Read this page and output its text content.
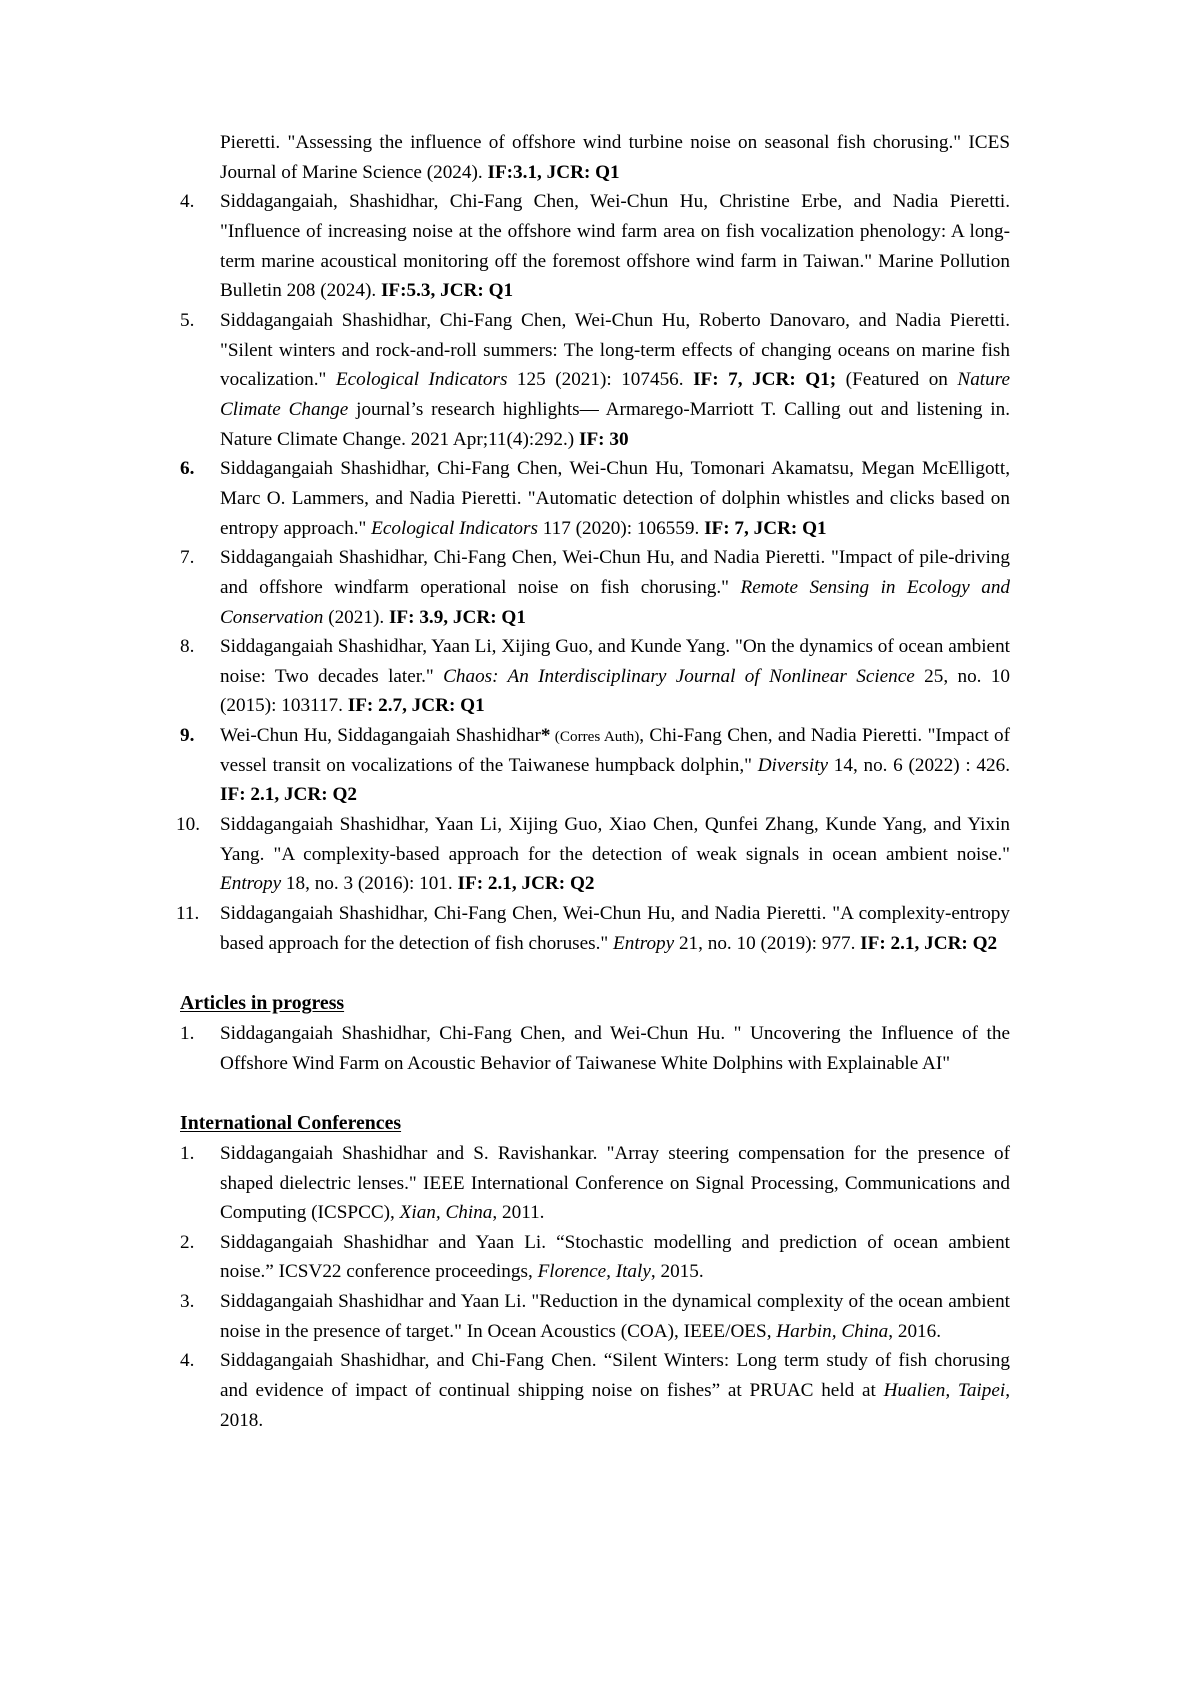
Pieretti. "Assessing the influence of offshore wind turbine noise on seasonal fish chorusing." ICES Journal of Marine Science (2024). IF:3.1, JCR: Q1

4.	Siddagangaiah, Shashidhar, Chi-Fang Chen, Wei-Chun Hu, Christine Erbe, and Nadia Pieretti. "Influence of increasing noise at the offshore wind farm area on fish vocalization phenology: A long-term marine acoustical monitoring off the foremost offshore wind farm in Taiwan." Marine Pollution Bulletin 208 (2024). IF:5.3, JCR: Q1
5.	Siddagangaiah Shashidhar, Chi-Fang Chen, Wei-Chun Hu, Roberto Danovaro, and Nadia Pieretti. "Silent winters and rock-and-roll summers: The long-term effects of changing oceans on marine fish vocalization." Ecological Indicators 125 (2021): 107456. IF: 7, JCR: Q1; (Featured on Nature Climate Change journal’s research highlights— Armarego-Marriott T. Calling out and listening in. Nature Climate Change. 2021 Apr;11(4):292.) IF: 30
6.	Siddagangaiah Shashidhar, Chi-Fang Chen, Wei-Chun Hu, Tomonari Akamatsu, Megan McElligott, Marc O. Lammers, and Nadia Pieretti. "Automatic detection of dolphin whistles and clicks based on entropy approach." Ecological Indicators 117 (2020): 106559. IF: 7, JCR: Q1
7.	Siddagangaiah Shashidhar, Chi-Fang Chen, Wei-Chun Hu, and Nadia Pieretti. "Impact of pile-driving and offshore windfarm operational noise on fish chorusing." Remote Sensing in Ecology and Conservation (2021). IF: 3.9, JCR: Q1
8.	Siddagangaiah Shashidhar, Yaan Li, Xijing Guo, and Kunde Yang. "On the dynamics of ocean ambient noise: Two decades later." Chaos: An Interdisciplinary Journal of Nonlinear Science 25, no. 10 (2015): 103117. IF: 2.7, JCR: Q1
9.	Wei-Chun Hu, Siddagangaiah Shashidhar* (Corres Auth), Chi-Fang Chen, and Nadia Pieretti. "Impact of vessel transit on vocalizations of the Taiwanese humpback dolphin," Diversity 14, no. 6 (2022) : 426. IF: 2.1, JCR: Q2
10.	Siddagangaiah Shashidhar, Yaan Li, Xijing Guo, Xiao Chen, Qunfei Zhang, Kunde Yang, and Yixin Yang. "A complexity-based approach for the detection of weak signals in ocean ambient noise." Entropy 18, no. 3 (2016): 101. IF: 2.1, JCR: Q2
11.	Siddagangaiah Shashidhar, Chi-Fang Chen, Wei-Chun Hu, and Nadia Pieretti. "A complexity-entropy based approach for the detection of fish choruses." Entropy 21, no. 10 (2019): 977. IF: 2.1, JCR: Q2
Articles in progress
1.	Siddagangaiah Shashidhar, Chi-Fang Chen, and Wei-Chun Hu. " Uncovering the Influence of the Offshore Wind Farm on Acoustic Behavior of Taiwanese White Dolphins with Explainable AI"
International Conferences
1.	Siddagangaiah Shashidhar and S. Ravishankar. "Array steering compensation for the presence of shaped dielectric lenses." IEEE International Conference on Signal Processing, Communications and Computing (ICSPCC), Xian, China, 2011.
2.	Siddagangaiah Shashidhar and Yaan Li. “Stochastic modelling and prediction of ocean ambient noise.” ICSV22 conference proceedings, Florence, Italy, 2015.
3.	Siddagangaiah Shashidhar and Yaan Li. "Reduction in the dynamical complexity of the ocean ambient noise in the presence of target." In Ocean Acoustics (COA), IEEE/OES, Harbin, China, 2016.
4.	Siddagangaiah Shashidhar, and Chi-Fang Chen. “Silent Winters: Long term study of fish chorusing and evidence of impact of continual shipping noise on fishes” at PRUAC held at Hualien, Taipei, 2018.
